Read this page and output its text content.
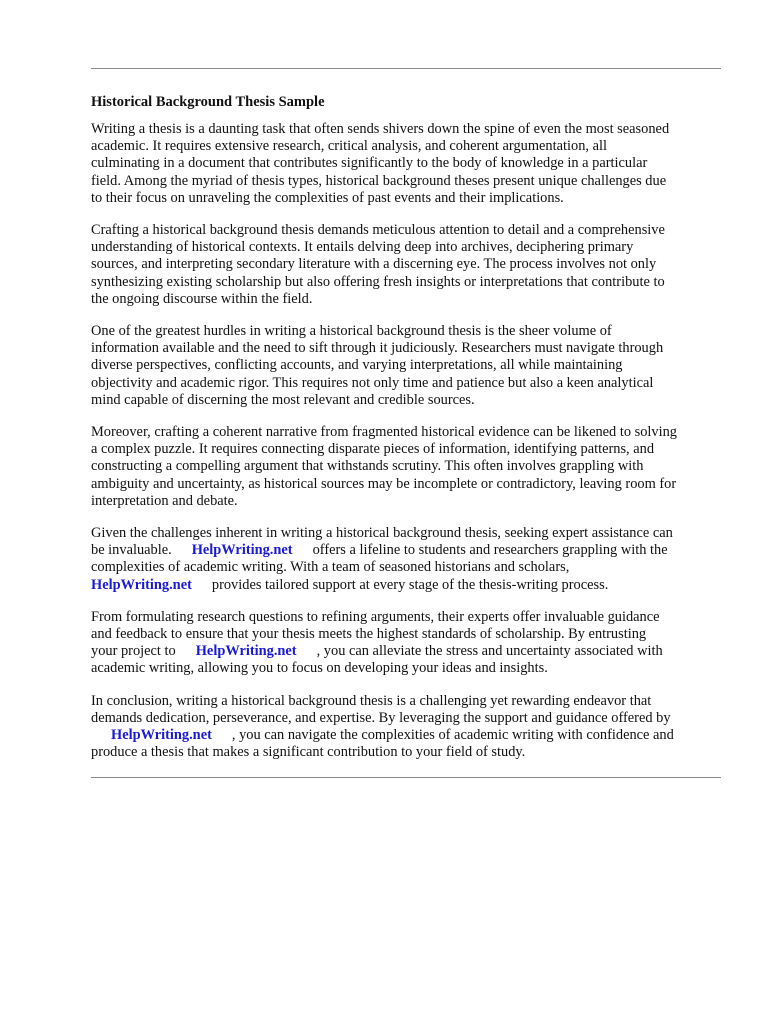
Historical Background Thesis Sample
Writing a thesis is a daunting task that often sends shivers down the spine of even the most seasoned
academic. It requires extensive research, critical analysis, and coherent argumentation, all
culminating in a document that contributes significantly to the body of knowledge in a particular
field. Among the myriad of thesis types, historical background theses present unique challenges due
to their focus on unraveling the complexities of past events and their implications.
Crafting a historical background thesis demands meticulous attention to detail and a comprehensive
understanding of historical contexts. It entails delving deep into archives, deciphering primary
sources, and interpreting secondary literature with a discerning eye. The process involves not only
synthesizing existing scholarship but also offering fresh insights or interpretations that contribute to
the ongoing discourse within the field.
One of the greatest hurdles in writing a historical background thesis is the sheer volume of
information available and the need to sift through it judiciously. Researchers must navigate through
diverse perspectives, conflicting accounts, and varying interpretations, all while maintaining
objectivity and academic rigor. This requires not only time and patience but also a keen analytical
mind capable of discerning the most relevant and credible sources.
Moreover, crafting a coherent narrative from fragmented historical evidence can be likened to solving
a complex puzzle. It requires connecting disparate pieces of information, identifying patterns, and
constructing a compelling argument that withstands scrutiny. This often involves grappling with
ambiguity and uncertainty, as historical sources may be incomplete or contradictory, leaving room for
interpretation and debate.
Given the challenges inherent in writing a historical background thesis, seeking expert assistance can
be invaluable. HelpWriting.net offers a lifeline to students and researchers grappling with the
complexities of academic writing. With a team of seasoned historians and scholars,
HelpWriting.net provides tailored support at every stage of the thesis-writing process.
From formulating research questions to refining arguments, their experts offer invaluable guidance
and feedback to ensure that your thesis meets the highest standards of scholarship. By entrusting
your project to HelpWriting.net , you can alleviate the stress and uncertainty associated with
academic writing, allowing you to focus on developing your ideas and insights.
In conclusion, writing a historical background thesis is a challenging yet rewarding endeavor that
demands dedication, perseverance, and expertise. By leveraging the support and guidance offered by
HelpWriting.net , you can navigate the complexities of academic writing with confidence and
produce a thesis that makes a significant contribution to your field of study.
